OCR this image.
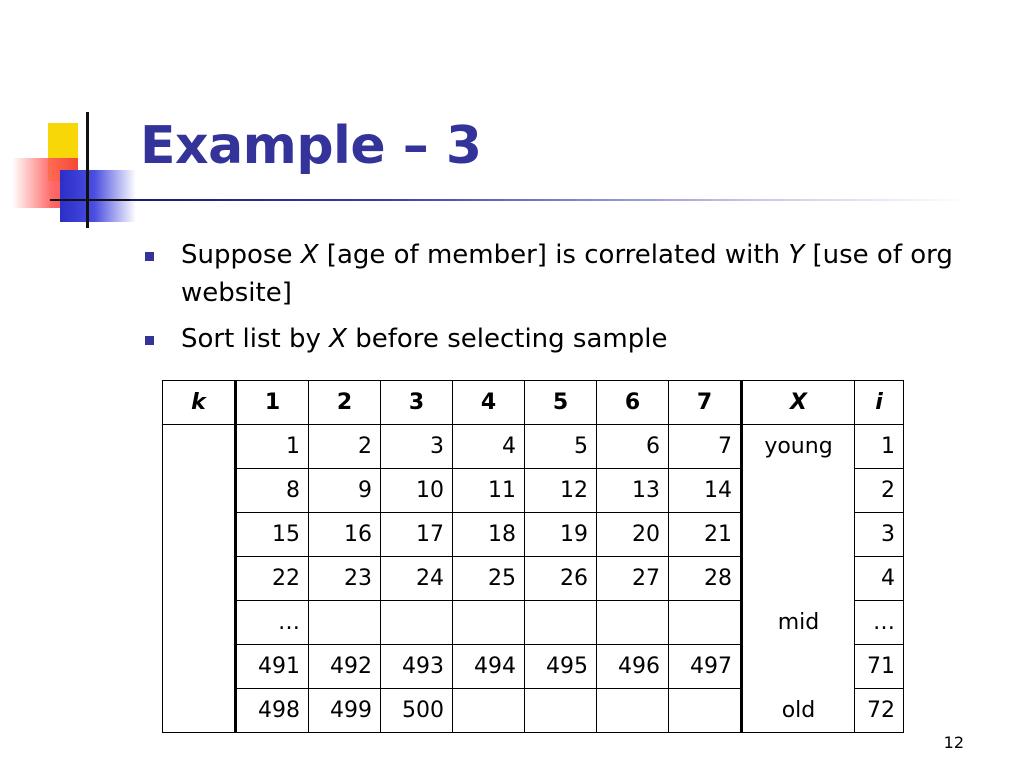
Example – 3
Suppose X [age of member] is correlated with Y [use of org website]
Sort list by X before selecting sample
k	1	2	3	4	5	6	7	X	i
	1	2	3	4	5	6	7	young	1
	8	9	10	11	12	13	14		2
	15	16	17	18	19	20	21		3
	22	23	24	25	26	27	28		4
	…							mid	…
	491	492	493	494	495	496	497		71
	498	499	500					old	72
12
